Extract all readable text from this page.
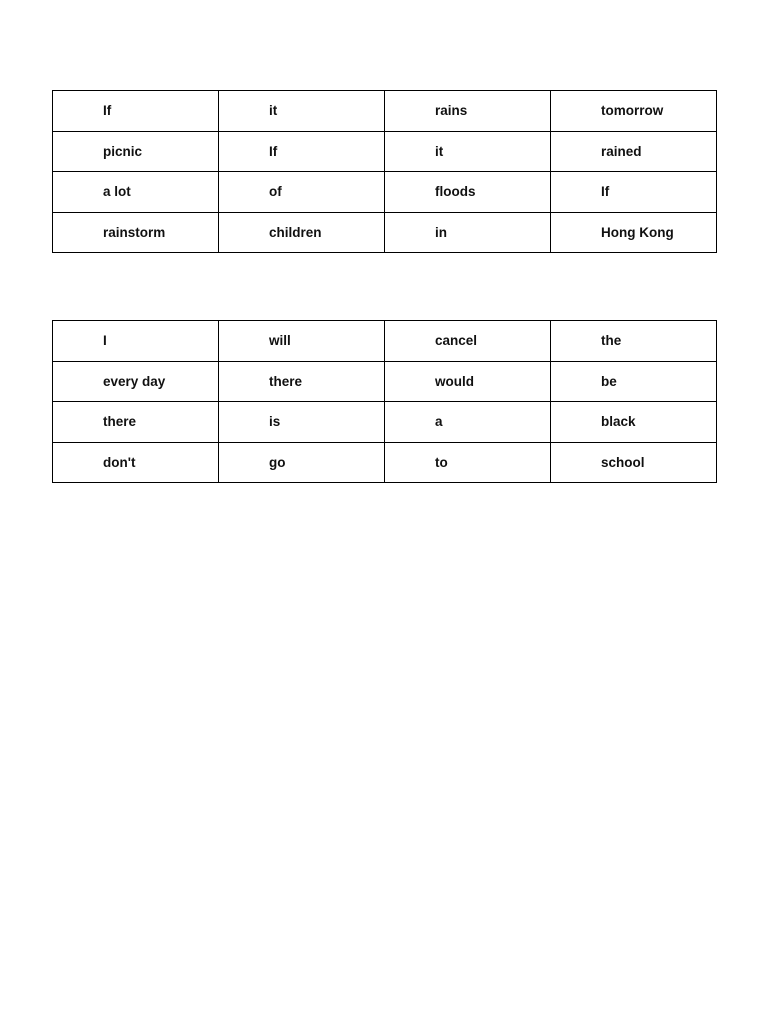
If	it	rains	tomorrow
picnic	If	it	rained
a lot	of	floods	If
rainstorm	children	in	Hong Kong
I	will	cancel	the
every day	there	would	be
there	is	a	black
don't	go	to	school
